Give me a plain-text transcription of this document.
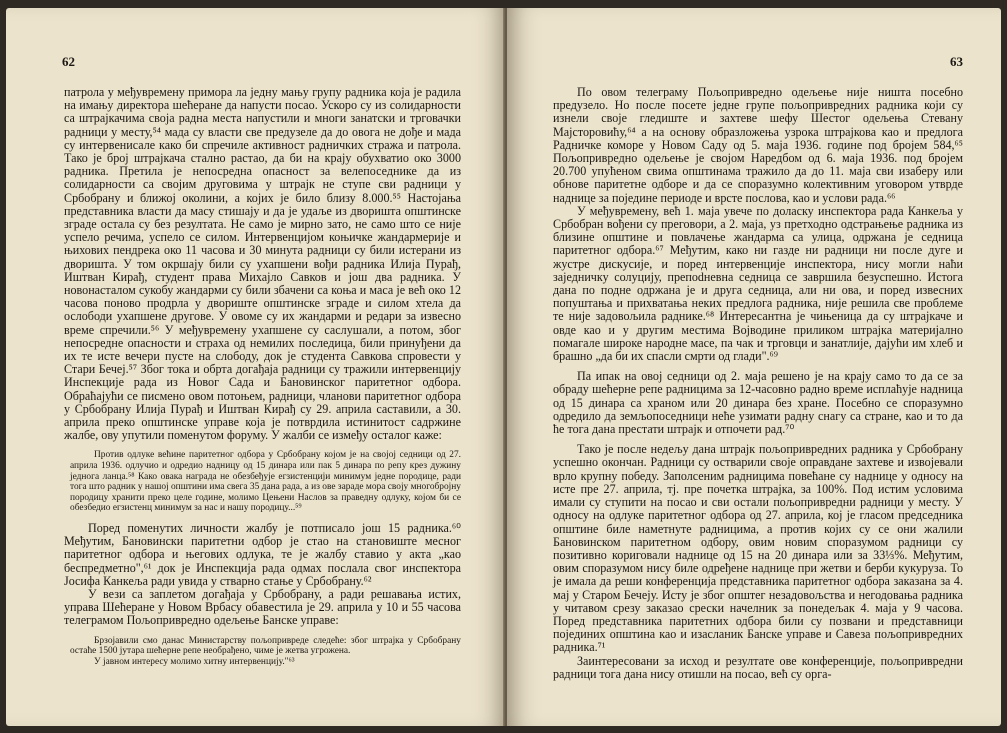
62

патрола у међувремену примора ла једну мању групу радника која је радила на имању директора шећеране да напусти посао. Ускоро су из солидарности са штрајкачима своја радна места напустили и многи занатски и трговачки радници у месту,⁵⁴ мада су власти све предузеле да до овога не дође и мада су интервенисале како би спречиле активност радничких стража и патрола. Тако је број штрајкача стално растао, да би на крају обухватио око 3000 радника. Претила је непосредна опасност за велепоседнике да из солидарности са својим друговима у штрајк не ступе сви радници у Србобрану и ближој околини, а којих је било близу 8.000.⁵⁵ Настојања представника власти да масу стишају и да је удаље из дворишта општинске зграде остала су без резултата. Не само је мирно зато, не само што се није успело речима, успело се силом. Интервенцијом коњичке жандармерије и њихових пендрека око 11 часова и 30 минута радници су били истерани из дворишта. У том окршају били су ухапшени вођи радника Илија Пурађ, Иштван Кирађ, студент права Михајло Савков и још два радника. У новонасталом сукобу жандарми су били збачени са коња и маса је већ око 12 часова поново продрла у двориште општинске зграде и силом хтела да ослободи ухапшене другове. У овоме су их жандарми и редари за извесно време спречили.⁵⁶ У међувремену ухапшене су саслушали, а потом, због непосредне опасности и страха од немилих последица, били принуђени да их те исте вечери пусте на слободу, док је студента Савкова спровести у Стари Бечеј.⁵⁷ Због тока и обрта догађаја радници су тражили интервенцију Инспекције рада из Новог Сада и Бановинског паритетног одбора. Обраћајући се писмено овом потоњем, радници, чланови паритетног одбора у Србобрану Илија Пурађ и Иштван Кирађ су 29. априла саставили, а 30. априла преко општинске управе која је потврдила истинитост садржине жалбе, ову упутили поменутом форуму. У жалби се између осталог каже:

Против одлуке већине паритетног одбора у Србобрану којом је на својој седници од 27. априла 1936. одлучио и одредио надницу од 15 динара или пак 5 динара по репу крез дужину једнога ланца.⁵⁸ Како овака награда не обезбеђује егзистенцији минимум једне породице, ради тога што радник у нашој општини има свега 35 дана рада, а из ове зараде мора своју многобројну породицу хранити преко целе године, молимо Цењени Наслов за праведну одлуку, којом би се обезбедио егзистенц минимум за нас и нашу породицу...⁵⁹

Поред поменутих личности жалбу је потписало још 15 радника.⁶⁰ Међутим, Бановински паритетни одбор је стао на становиште месног паритетног одбора и његових одлука, те је жалбу ставио у акта „као беспредметно",⁶¹ док је Инспекција рада одмах послала свог инспектора Јосифа Канкеља ради увида у стварно стање у Србобрану.⁶²

У вези са заплетом догађаја у Србобрану, а ради решавања истих, управа Шећеране у Новом Врбасу обавестила је 29. априла у 10 и 55 часова телеграмом Пољопривредно одељење Банске управе:

Брзојавили смо данас Министарству пољопривреде следеће: због штрајка у Србобрану остаће 1500 јутара шећерне репе необрађено, чиме је жетва угрожена.

У јавном интересу молимо хитну интервенцију."⁶³

63

По овом телеграму Пољопривредно одељење није ништа посебно предузело. Но после посете једне групе пољопривредних радника који су изнели своје гледиште и захтеве шефу Шестог одељења Стевану Мајсторовићу,⁶⁴ а на основу образложења узрока штрајкова као и предлога Радничке коморе у Новом Саду од 5. маја 1936. године под бројем 584,⁶⁵ Пољопривредно одељење је својом Наредбом од 6. маја 1936. под бројем 20.700 упућеном свима општинама тражило да до 11. маја сви изаберу или обнове паритетне одборе и да се споразумно колективним уговором утврде наднице за поједине периоде и врсте послова, као и услови рада.⁶⁶

У међувремену, већ 1. маја увече по доласку инспектора рада Канкеља у Србобран вођени су преговори, а 2. маја, уз претходно одстрањење радника из близине општине и повлачење жандарма са улица, одржана је седница паритетног одбора.⁶⁷ Међутим, како ни газде ни радници ни после дуге и жустре дискусије, и поред интервенције инспектора, нису могли наћи заједничку солуцију, препodневна седница се завршила безуспешно. Истога дана по подне одржана је и друга седница, али ни ова, и поред извесних попуштања и прихватања неких предлога радника, није решила све проблеме те није задовољила раднике.⁶⁸ Интересантна је чињеница да су штрајкаче и овде као и у другим местима Војводине приликом штрајка материјално помагале широке народне масе, па чак и трговци и занатлије, дајући им хлеб и брашно „да би их спасли смрти од глади".⁶⁹

Па ипак на овој седници од 2. маја решено је на крају само то да се за обраду шећерне репе радницима за 12-часовно радно време исплаћује надница од 15 динара са храном или 20 динара без хране. Посебно се споразумно одредило да земљопоседници неће узимати радну снагу са стране, као и то да ће тога дана престати штрајк и отпочети рад.⁷⁰

Тако је после недељу дана штрајк пољопривредних радника у Србобрану успешно окончан. Радници су остварили своје оправдане захтеве и извојевали врло крупну победу. Заполсеним радницима повећане су наднице у односу на исте пре 27. априла, тј. пре почетка штрајка, за 100%. Под истим условима имали су ступити на посао и сви остали пољопривредни радници у месту. У односу на одлуке паритетног одбора од 27. априла, кој је гласом председника општине биле наметнуте радницима, а против којих су се они жалили Бановинском паритетном одбору, овим новим споразумом радници су позитивно кориговали наднице од 15 на 20 динара или за 33⅓%. Међутим, овим споразумом нису биле одређене наднице при жетви и берби кукуруза. То је имала да реши конференција представника паритетног одбора заказана за 4. мај у Старом Бечеју. Исту је због општег незадовољства и негодовања радника у читавом срезу заказао срески начелник за понедељак 4. маја у 9 часова. Поред представника паритетних одбора били су позвани и представници појединих општина као и изасланик Банске управе и Савеза пољопривредних радника.⁷¹

Заинтересовани за исход и резултате ове конференције, пољопривредни радници тога дана нису отишли на посао, већ су орга-
